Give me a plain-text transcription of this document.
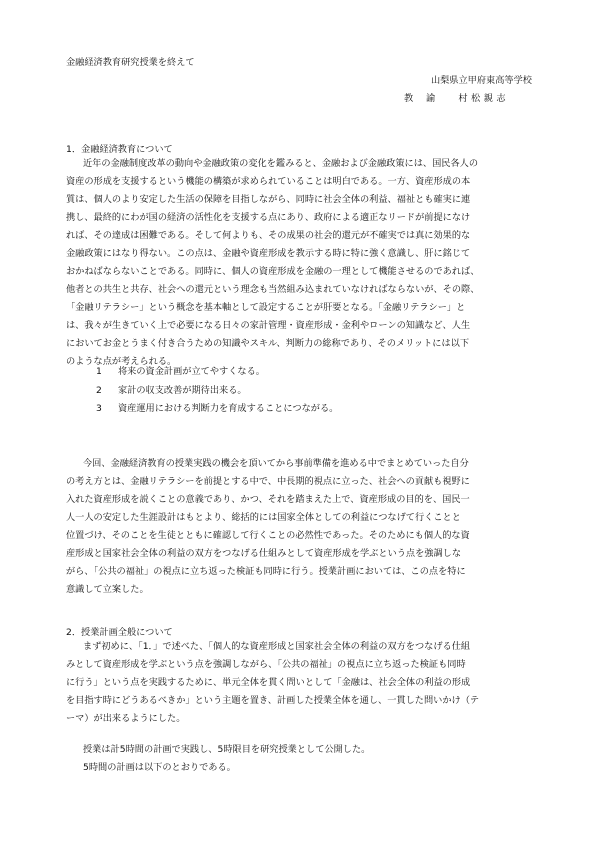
金融経済教育研究授業を終えて
山梨県立甲府東高等学校
教諭 村松親志
1．金融経済教育について
近年の金融制度改革の動向や金融政策の変化を鑑みると、金融および金融政策には、国民各人の
資産の形成を支援するという機能の構築が求められていることは明白である。一方、資産形成の本
質は、個人のより安定した生活の保障を目指しながら、同時に社会全体の利益、福祉とも確実に連
携し、最終的にわが国の経済の活性化を支援する点にあり、政府による適正なリードが前提になけ
れば、その達成は困難である。そして何よりも、その成果の社会的還元が不確実では真に効果的な
金融政策にはなり得ない。この点は、金融や資産形成を教示する時に特に強く意識し、肝に銘じて
おかねばならないことである。同時に、個人の資産形成を金融の一理として機能させるのであれば、
他者との共生と共存、社会への還元という理念も当然組み込まれていなければならないが、その際、
「金融リテラシー」という概念を基本軸として設定することが肝要となる。「金融リテラシー」と
は、我々が生きていく上で必要になる日々の家計管理・資産形成・金利やローンの知識など、人生
においてお金とうまく付き合うための知識やスキル、判断力の総称であり、そのメリットには以下
のような点が考えられる。
1 将来の資金計画が立てやすくなる。
2 家計の収支改善が期待出来る。
3 資産運用における判断力を育成することにつながる。
今回、金融経済教育の授業実践の機会を頂いてから事前準備を進める中でまとめていった自分
の考え方とは、金融リテラシーを前提とする中で、中長期的視点に立った、社会への貢献も視野に
入れた資産形成を説くことの意義であり、かつ、それを踏まえた上で、資産形成の目的を、国民一
人一人の安定した生涯設計はもとより、総括的には国家全体としての利益につなげて行くことと
位置づけ、そのことを生徒とともに確認して行くことの必然性であった。そのためにも個人的な資
産形成と国家社会全体の利益の双方をつなげる仕組みとして資産形成を学ぶという点を強調しな
がら、「公共の福祉」の視点に立ち返った検証も同時に行う。授業計画においては、この点を特に
意識して立案した。
2．授業計画全般について
まず初めに、「1．」で述べた、「個人的な資産形成と国家社会全体の利益の双方をつなげる仕組
みとして資産形成を学ぶという点を強調しながら、「公共の福祉」の視点に立ち返った検証も同時
に行う」という点を実践するために、単元全体を貫く問いとして「金融は、社会全体の利益の形成
を目指す時にどうあるべきか」という主題を置き、計画した授業全体を通し、一貫した問いかけ（テ
ーマ）が出来るようにした。
授業は計5時間の計画で実践し、5時限目を研究授業として公開した。
5時間の計画は以下のとおりである。
